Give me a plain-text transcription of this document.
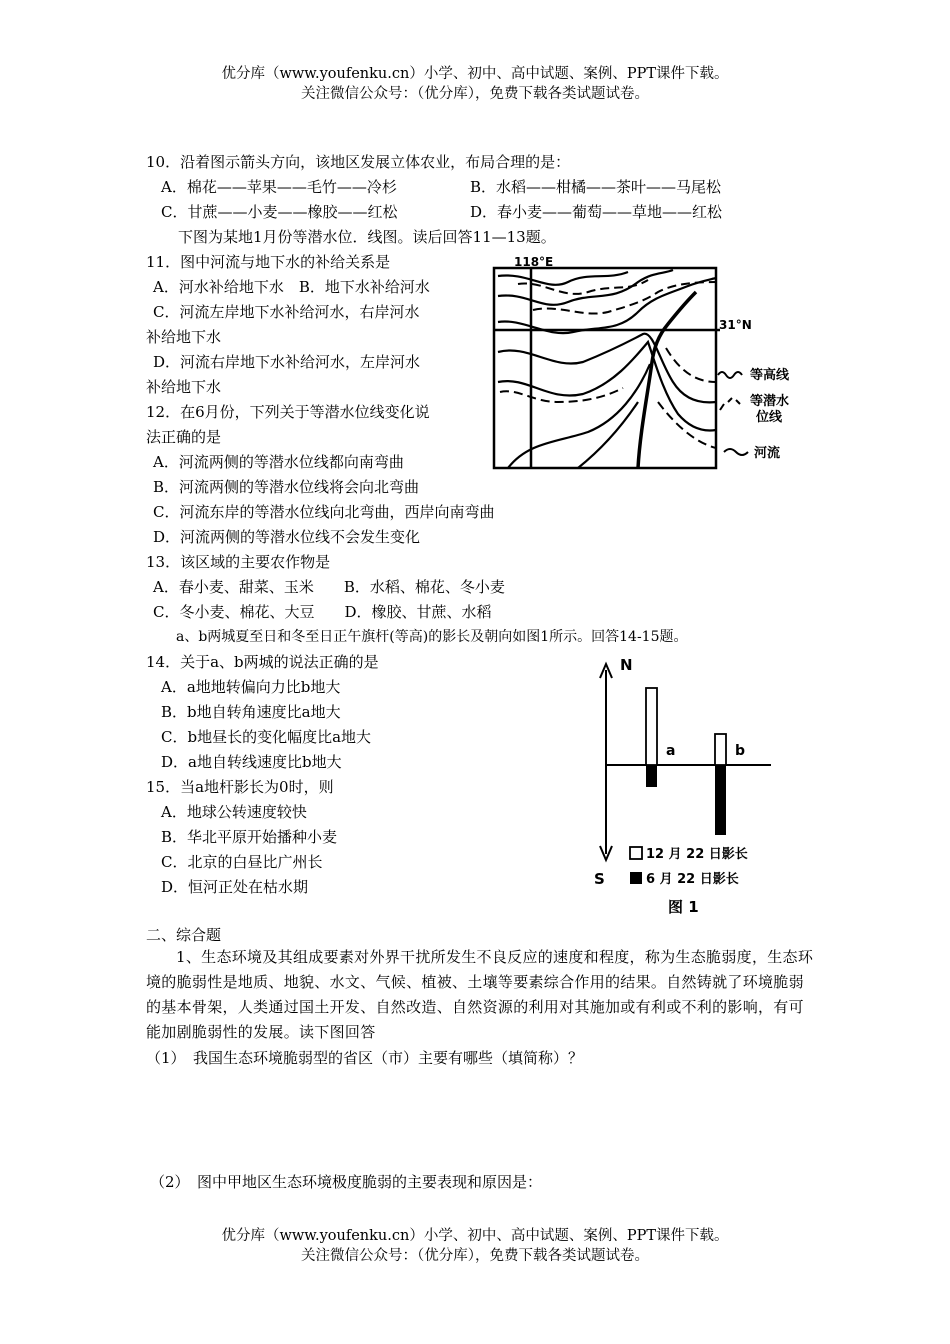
优分库（www.youfenku.cn）小学、初中、高中试题、案例、PPT课件下载。
关注微信公众号：（优分库），免费下载各类试题试卷。
10．沿着图示箭头方向，该地区发展立体农业，布局合理的是：
A．棉花——苹果——毛竹——冷杉	B．水稻——柑橘——茶叶——马尾松
C．甘蔗——小麦——橡胶——红松	D．春小麦——葡萄——草地——红松
下图为某地1月份等潜水位．线图。读后回答11—13题。
11．图中河流与地下水的补给关系是
A．河水补给地下水　B．地下水补给河水
C．河流左岸地下水补给河水，右岸河水
补给地下水
D．河流右岸地下水补给河水，左岸河水
补给地下水
12．在6月份，下列关于等潜水位线变化说
法正确的是
A．河流两侧的等潜水位线都向南弯曲
B．河流两侧的等潜水位线将会向北弯曲
C．河流东岸的等潜水位线向北弯曲，西岸向南弯曲
D．河流两侧的等潜水位线不会发生变化
13．该区域的主要农作物是
A．春小麦、甜菜、玉米　　B．水稻、棉花、冬小麦
C．冬小麦、棉花、大豆　　D．橡胶、甘蔗、水稻
a、b两城夏至日和冬至日正午旗杆(等高)的影长及朝向如图1所示。回答14-15题。
14．关于a、b两城的说法正确的是
A．a地地转偏向力比b地大
B．b地自转角速度比a地大
C．b地昼长的变化幅度比a地大
D．a地自转线速度比b地大
15．当a地杆影长为0时，则
A．地球公转速度较快
B．华北平原开始播种小麦
C．北京的白昼比广州长
D．恒河正处在枯水期
二、综合题
1、生态环境及其组成要素对外界干扰所发生不良反应的速度和程度，称为生态脆弱度，生态环境的脆弱性是地质、地貌、水文、气候、植被、土壤等要素综合作用的结果。自然铸就了环境脆弱的基本骨架，人类通过国土开发、自然改造、自然资源的利用对其施加或有利或不利的影响，有可能加剧脆弱性的发展。读下图回答
（1）　我国生态环境脆弱型的省区（市）主要有哪些（填简称）？
（2）　图中甲地区生态环境极度脆弱的主要表现和原因是：
优分库（www.youfenku.cn）小学、初中、高中试题、案例、PPT课件下载。
关注微信公众号：（优分库），免费下载各类试题试卷。
118°E
31°N
等高线
等潜水
位线
河流
N
S
a	b
12 月 22 日影长
6 月 22 日影长
图 1
